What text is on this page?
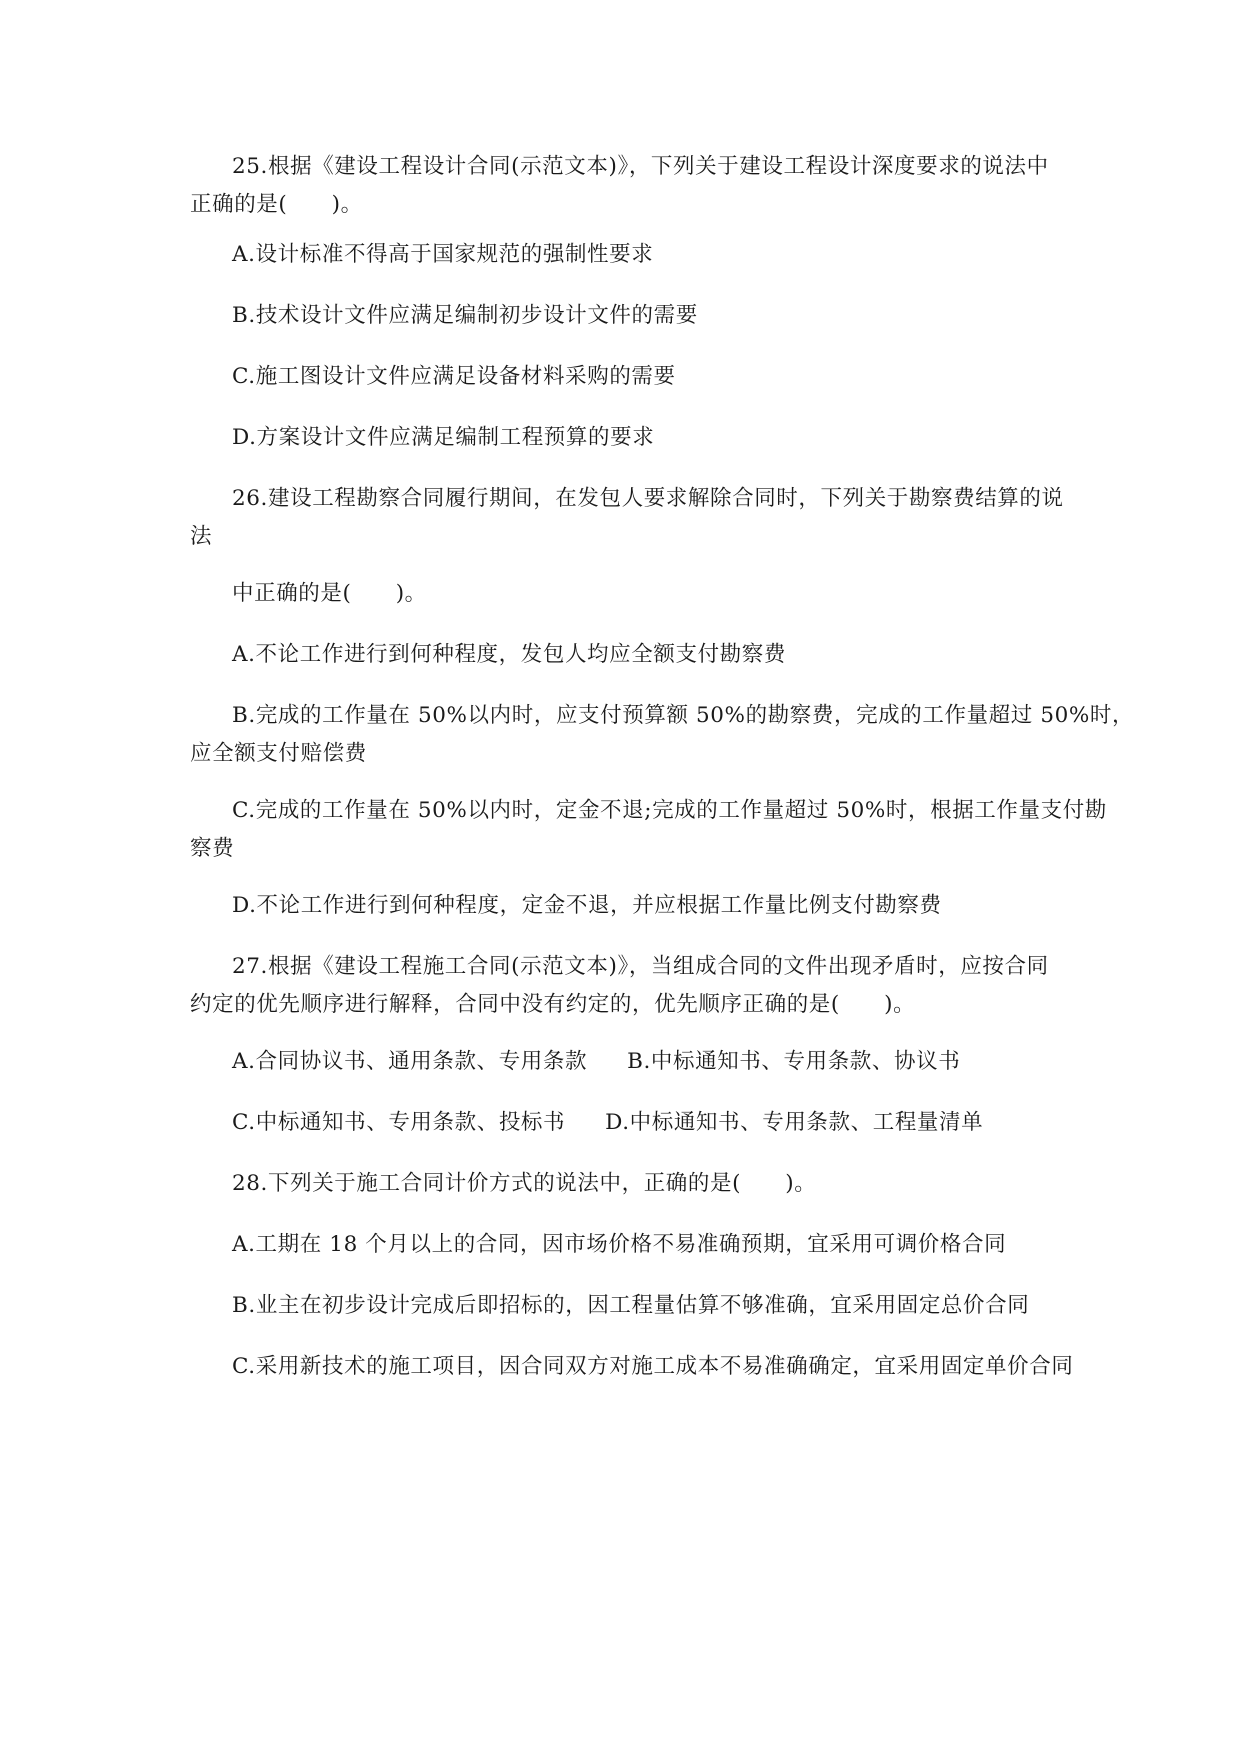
25.根据《建设工程设计合同(示范文本)》，下列关于建设工程设计深度要求的说法中
正确的是(　　)。

A.设计标准不得高于国家规范的强制性要求

B.技术设计文件应满足编制初步设计文件的需要

C.施工图设计文件应满足设备材料采购的需要

D.方案设计文件应满足编制工程预算的要求

26.建设工程勘察合同履行期间，在发包人要求解除合同时，下列关于勘察费结算的说
法

中正确的是(　　)。

A.不论工作进行到何种程度，发包人均应全额支付勘察费

B.完成的工作量在 50%以内时，应支付预算额 50%的勘察费，完成的工作量超过 50%时，
应全额支付赔偿费

C.完成的工作量在 50%以内时，定金不退;完成的工作量超过 50%时，根据工作量支付勘
察费

D.不论工作进行到何种程度，定金不退，并应根据工作量比例支付勘察费

27.根据《建设工程施工合同(示范文本)》，当组成合同的文件出现矛盾时，应按合同
约定的优先顺序进行解释，合同中没有约定的，优先顺序正确的是(　　)。

A.合同协议书、通用条款、专用条款 B.中标通知书、专用条款、协议书

C.中标通知书、专用条款、投标书 D.中标通知书、专用条款、工程量清单

28.下列关于施工合同计价方式的说法中，正确的是(　　)。

A.工期在 18 个月以上的合同，因市场价格不易准确预期，宜采用可调价格合同

B.业主在初步设计完成后即招标的，因工程量估算不够准确，宜采用固定总价合同

C.采用新技术的施工项目，因合同双方对施工成本不易准确确定，宜采用固定单价合同
